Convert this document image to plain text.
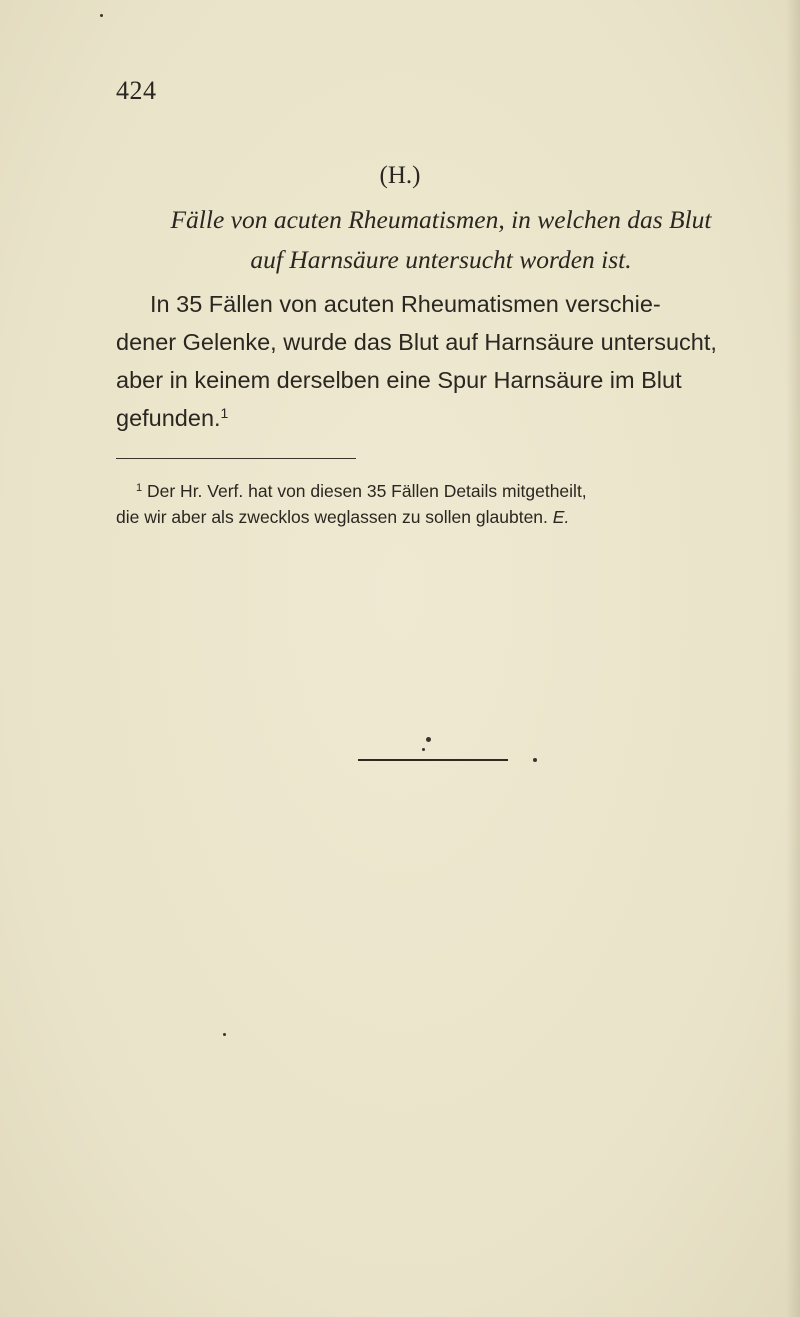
424
(H.)
Fälle von acuten Rheumatismen, in welchen das Blut
auf Harnsäure untersucht worden ist.
In 35 Fällen von acuten Rheumatismen verschie-
dener Gelenke, wurde das Blut auf Harnsäure untersucht,
aber in keinem derselben eine Spur Harnsäure im Blut
gefunden.$^1$
$^1$ Der Hr. Verf. hat von diesen 35 Fällen Details mitgetheilt,
die wir aber als zwecklos weglassen zu sollen glaubten. E.
